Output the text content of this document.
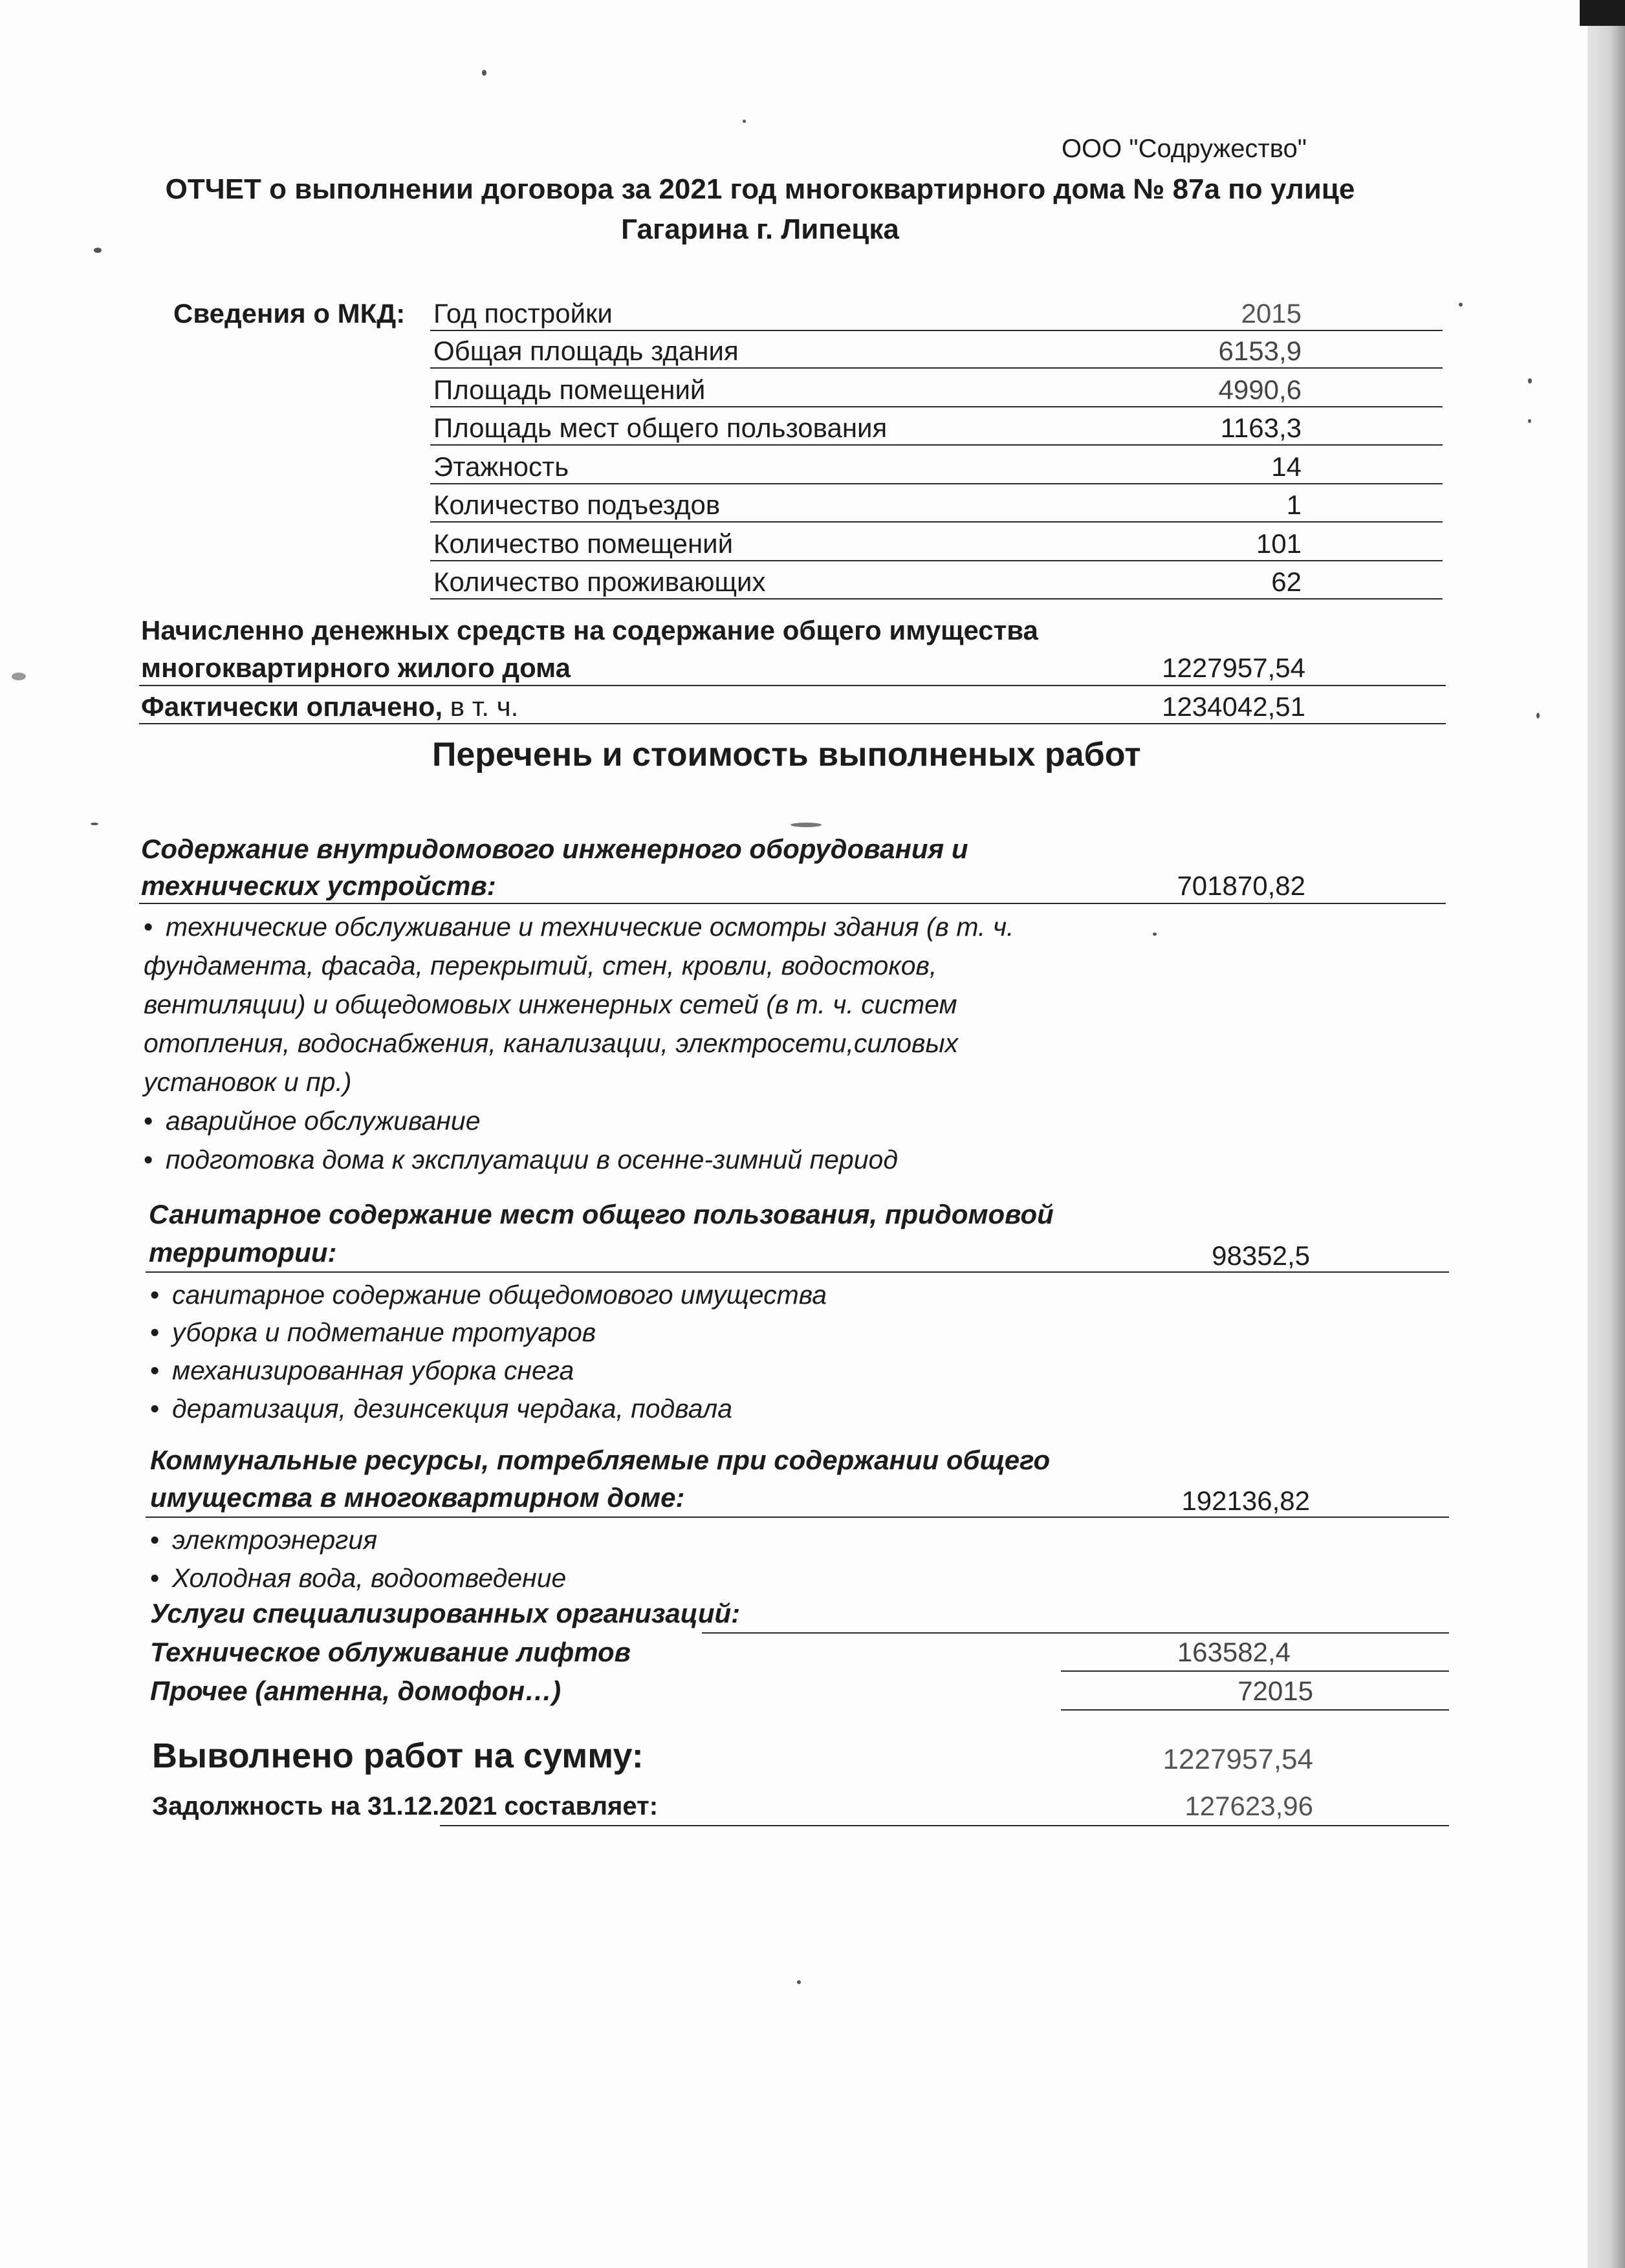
ООО "Содружество"
ОТЧЕТ о выполнении договора за 2021 год многоквартирного дома № 87а по улице
Гагарина г. Липецка
Сведения о МКД: Год постройки	2015
Общая площадь здания	6153,9
Площадь помещений	4990,6
Площадь мест общего пользования	1163,3
Этажность	14
Количество подъездов	1
Количество помещений	101
Количество проживающих	62
Начисленно денежных средств на содержание общего имущества
многоквартирного жилого дома	1227957,54
Фактически оплачено, в т. ч.	1234042,51
Перечень и стоимость выполненых работ
Содержание внутридомового инженерного оборудования и
технических устройств:	701870,82
• технические обслуживание и технические осмотры здания (в т. ч.
фундамента, фасада, перекрытий, стен, кровли, водостоков,
вентиляции) и общедомовых инженерных сетей (в т. ч. систем
отопления, водоснабжения, канализации, электросети,силовых
установок и пр.)
• аварийное обслуживание
• подготовка дома к эксплуатации в осенне-зимний период
Санитарное содержание мест общего пользования, придомовой
территории:	98352,5
• санитарное содержание общедомового имущества
• уборка и подметание тротуаров
• механизированная уборка снега
• дератизация, дезинсекция чердака, подвала
Коммунальные ресурсы, потребляемые при содержании общего
имущества в многоквартирном доме:	192136,82
• электроэнергия
• Холодная вода, водоотведение
Услуги специализированных организаций:
Техническое облуживание лифтов	163582,4
Прочее (антенна, домофон…)	72015
Выволнено работ на сумму:	1227957,54
Задолжность на 31.12.2021 составляет:	127623,96
